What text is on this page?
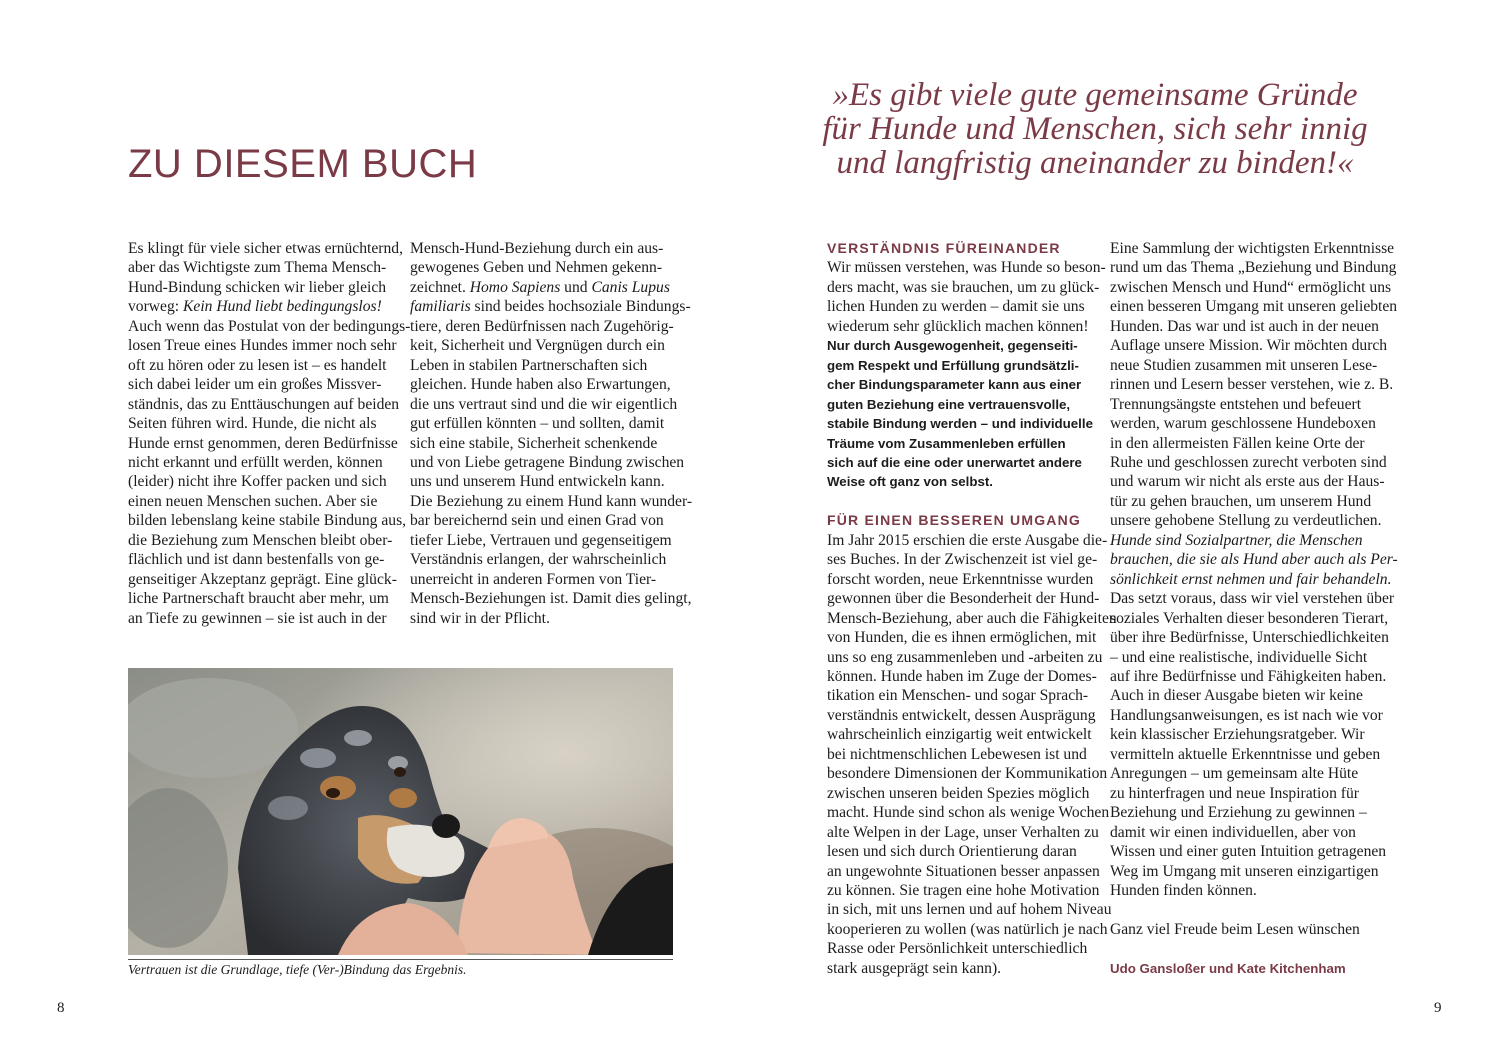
ZU DIESEM BUCH
Es klingt für viele sicher etwas ernüchternd,
aber das Wichtigste zum Thema Mensch-
Hund-Bindung schicken wir lieber gleich
vorweg: Kein Hund liebt bedingungslos!
Auch wenn das Postulat von der bedingungs-
losen Treue eines Hundes immer noch sehr
oft zu hören oder zu lesen ist – es handelt
sich dabei leider um ein großes Missver-
ständnis, das zu Enttäuschungen auf beiden
Seiten führen wird. Hunde, die nicht als
Hunde ernst genommen, deren Bedürfnisse
nicht erkannt und erfüllt werden, können
(leider) nicht ihre Koffer packen und sich
einen neuen Menschen suchen. Aber sie
bilden lebenslang keine stabile Bindung aus,
die Beziehung zum Menschen bleibt ober-
flächlich und ist dann bestenfalls von ge-
genseitiger Akzeptanz geprägt. Eine glück-
liche Partnerschaft braucht aber mehr, um
an Tiefe zu gewinnen – sie ist auch in der
Mensch-Hund-Beziehung durch ein aus-
gewogenes Geben und Nehmen gekenn-
zeichnet. Homo Sapiens und Canis Lupus
familiaris sind beides hochsoziale Bindungs-
tiere, deren Bedürfnissen nach Zugehörig-
keit, Sicherheit und Vergnügen durch ein
Leben in stabilen Partnerschaften sich
gleichen. Hunde haben also Erwartungen,
die uns vertraut sind und die wir eigentlich
gut erfüllen könnten – und sollten, damit
sich eine stabile, Sicherheit schenkende
und von Liebe getragene Bindung zwischen
uns und unserem Hund entwickeln kann.
Die Beziehung zu einem Hund kann wunder-
bar bereichernd sein und einen Grad von
tiefer Liebe, Vertrauen und gegenseitigem
Verständnis erlangen, der wahrscheinlich
unerreicht in anderen Formen von Tier-
Mensch-Beziehungen ist. Damit dies gelingt,
sind wir in der Pflicht.
Vertrauen ist die Grundlage, tiefe (Ver-)Bindung das Ergebnis.
8
»Es gibt viele gute gemeinsame Gründe
für Hunde und Menschen, sich sehr innig
und langfristig aneinander zu binden!«
VERSTÄNDNIS FÜREINANDER
Wir müssen verstehen, was Hunde so beson-
ders macht, was sie brauchen, um zu glück-
lichen Hunden zu werden – damit sie uns
wiederum sehr glücklich machen können!
Nur durch Ausgewogenheit, gegenseiti-
gem Respekt und Erfüllung grundsätzli-
cher Bindungsparameter kann aus einer
guten Beziehung eine vertrauensvolle,
stabile Bindung werden – und individuelle
Träume vom Zusammenleben erfüllen
sich auf die eine oder unerwartet andere
Weise oft ganz von selbst.

FÜR EINEN BESSEREN UMGANG
Im Jahr 2015 erschien die erste Ausgabe die-
ses Buches. In der Zwischenzeit ist viel ge-
forscht worden, neue Erkenntnisse wurden
gewonnen über die Besonderheit der Hund-
Mensch-Beziehung, aber auch die Fähigkeiten
von Hunden, die es ihnen ermöglichen, mit
uns so eng zusammenleben und -arbeiten zu
können. Hunde haben im Zuge der Domes-
tikation ein Menschen- und sogar Sprach-
verständnis entwickelt, dessen Ausprägung
wahrscheinlich einzigartig weit entwickelt
bei nichtmenschlichen Lebewesen ist und
besondere Dimensionen der Kommunikation
zwischen unseren beiden Spezies möglich
macht. Hunde sind schon als wenige Wochen
alte Welpen in der Lage, unser Verhalten zu
lesen und sich durch Orientierung daran
an ungewohnte Situationen besser anpassen
zu können. Sie tragen eine hohe Motivation
in sich, mit uns lernen und auf hohem Niveau
kooperieren zu wollen (was natürlich je nach
Rasse oder Persönlichkeit unterschiedlich
stark ausgeprägt sein kann).
Eine Sammlung der wichtigsten Erkenntnisse
rund um das Thema „Beziehung und Bindung
zwischen Mensch und Hund“ ermöglicht uns
einen besseren Umgang mit unseren geliebten
Hunden. Das war und ist auch in der neuen
Auflage unsere Mission. Wir möchten durch
neue Studien zusammen mit unseren Lese-
rinnen und Lesern besser verstehen, wie z. B.
Trennungsängste entstehen und befeuert
werden, warum geschlossene Hundeboxen
in den allermeisten Fällen keine Orte der
Ruhe und geschlossen zurecht verboten sind
und warum wir nicht als erste aus der Haus-
tür zu gehen brauchen, um unserem Hund
unsere gehobene Stellung zu verdeutlichen.
Hunde sind Sozialpartner, die Menschen
brauchen, die sie als Hund aber auch als Per-
sönlichkeit ernst nehmen und fair behandeln.
Das setzt voraus, dass wir viel verstehen über
soziales Verhalten dieser besonderen Tierart,
über ihre Bedürfnisse, Unterschiedlichkeiten
– und eine realistische, individuelle Sicht
auf ihre Bedürfnisse und Fähigkeiten haben.
Auch in dieser Ausgabe bieten wir keine
Handlungsanweisungen, es ist nach wie vor
kein klassischer Erziehungsratgeber. Wir
vermitteln aktuelle Erkenntnisse und geben
Anregungen – um gemeinsam alte Hüte
zu hinterfragen und neue Inspiration für
Beziehung und Erziehung zu gewinnen –
damit wir einen individuellen, aber von
Wissen und einer guten Intuition getragenen
Weg im Umgang mit unseren einzigartigen
Hunden finden können.

Ganz viel Freude beim Lesen wünschen

Udo Gansloßer und Kate Kitchenham
9
